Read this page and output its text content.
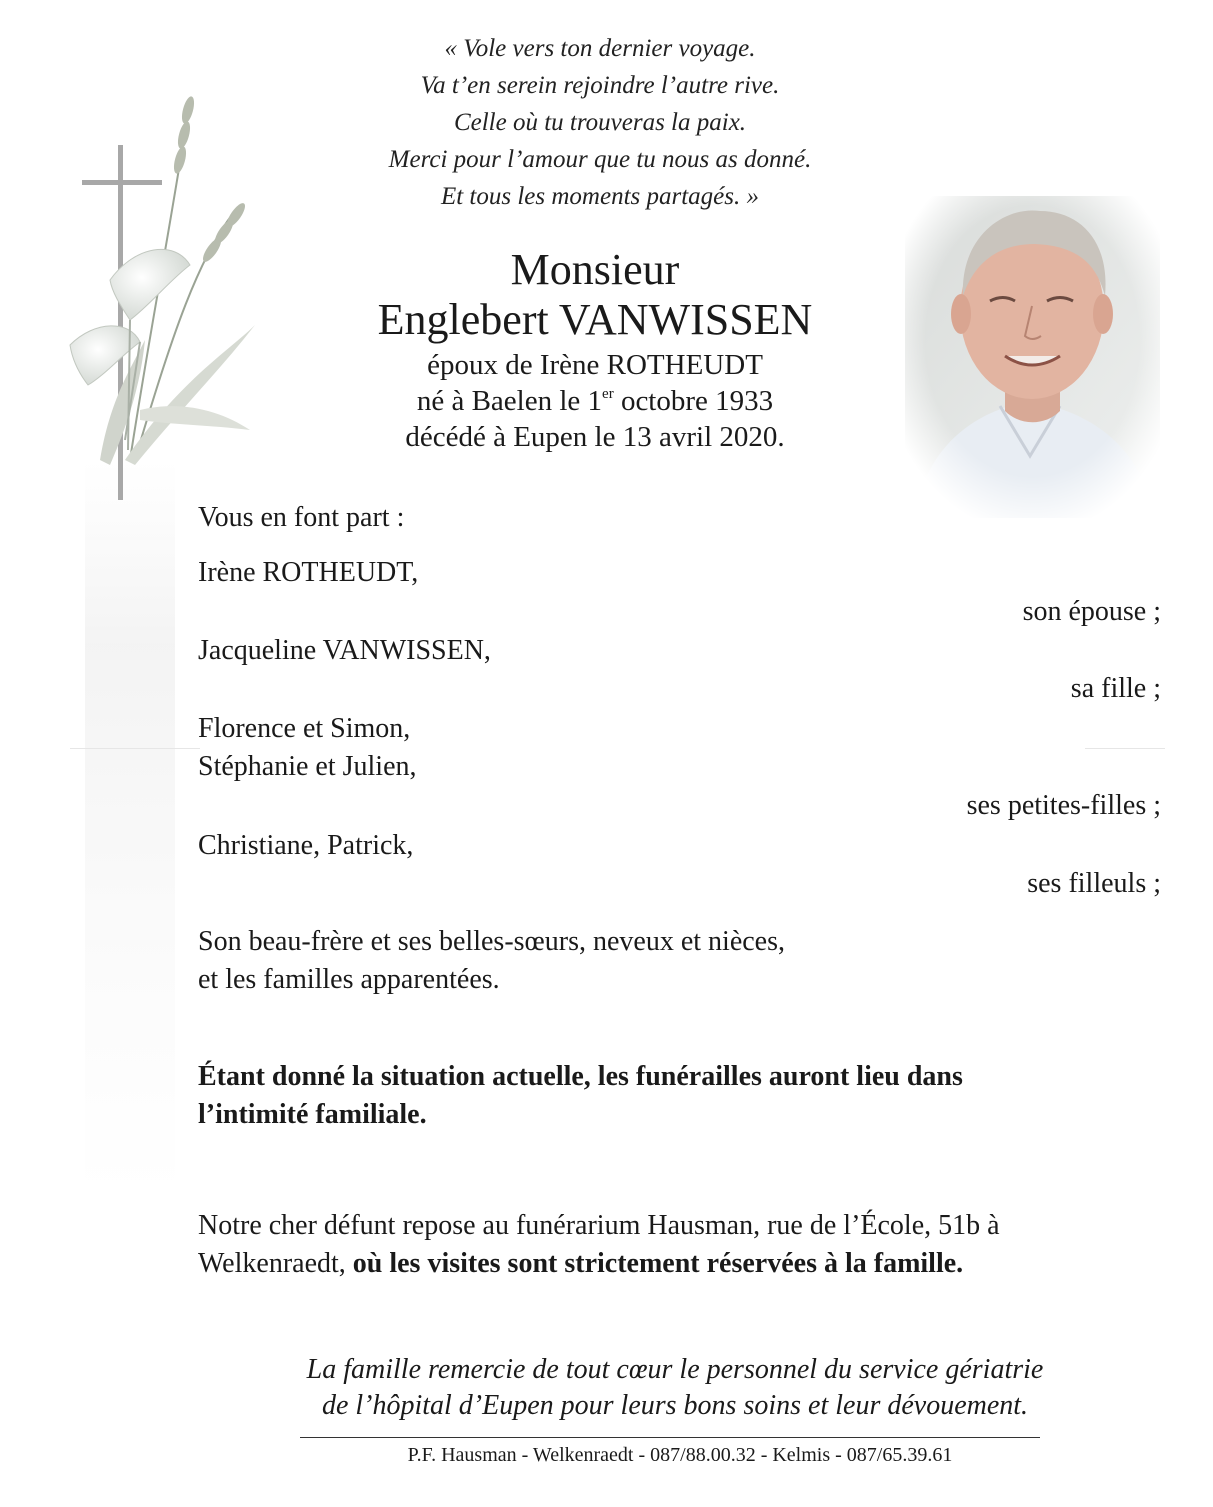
« Vole vers ton dernier voyage.
Va t’en serein rejoindre l’autre rive.
Celle où tu trouveras la paix.
Merci pour l’amour que tu nous as donné.
Et tous les moments partagés. »
Monsieur
Englebert VANWISSEN
époux de Irène ROTHEUDT
né à Baelen le 1er octobre 1933
décédé à Eupen le 13 avril 2020.
Vous en font part :
Irène ROTHEUDT,
son épouse ;
Jacqueline VANWISSEN,
sa fille ;
Florence et Simon,
Stéphanie et Julien,
ses petites-filles ;
Christiane, Patrick,
ses filleuls ;
Son beau-frère et ses belles-sœurs, neveux et nièces,
et les familles apparentées.
Étant donné la situation actuelle, les funérailles auront lieu dans
l’intimité familiale.
Notre cher défunt repose au funérarium Hausman, rue de l’École, 51b à
Welkenraedt, où les visites sont strictement réservées à la famille.
La famille remercie de tout cœur le personnel du service gériatrie
de l’hôpital d’Eupen pour leurs bons soins et leur dévouement.
P.F. Hausman - Welkenraedt - 087/88.00.32 - Kelmis - 087/65.39.61
